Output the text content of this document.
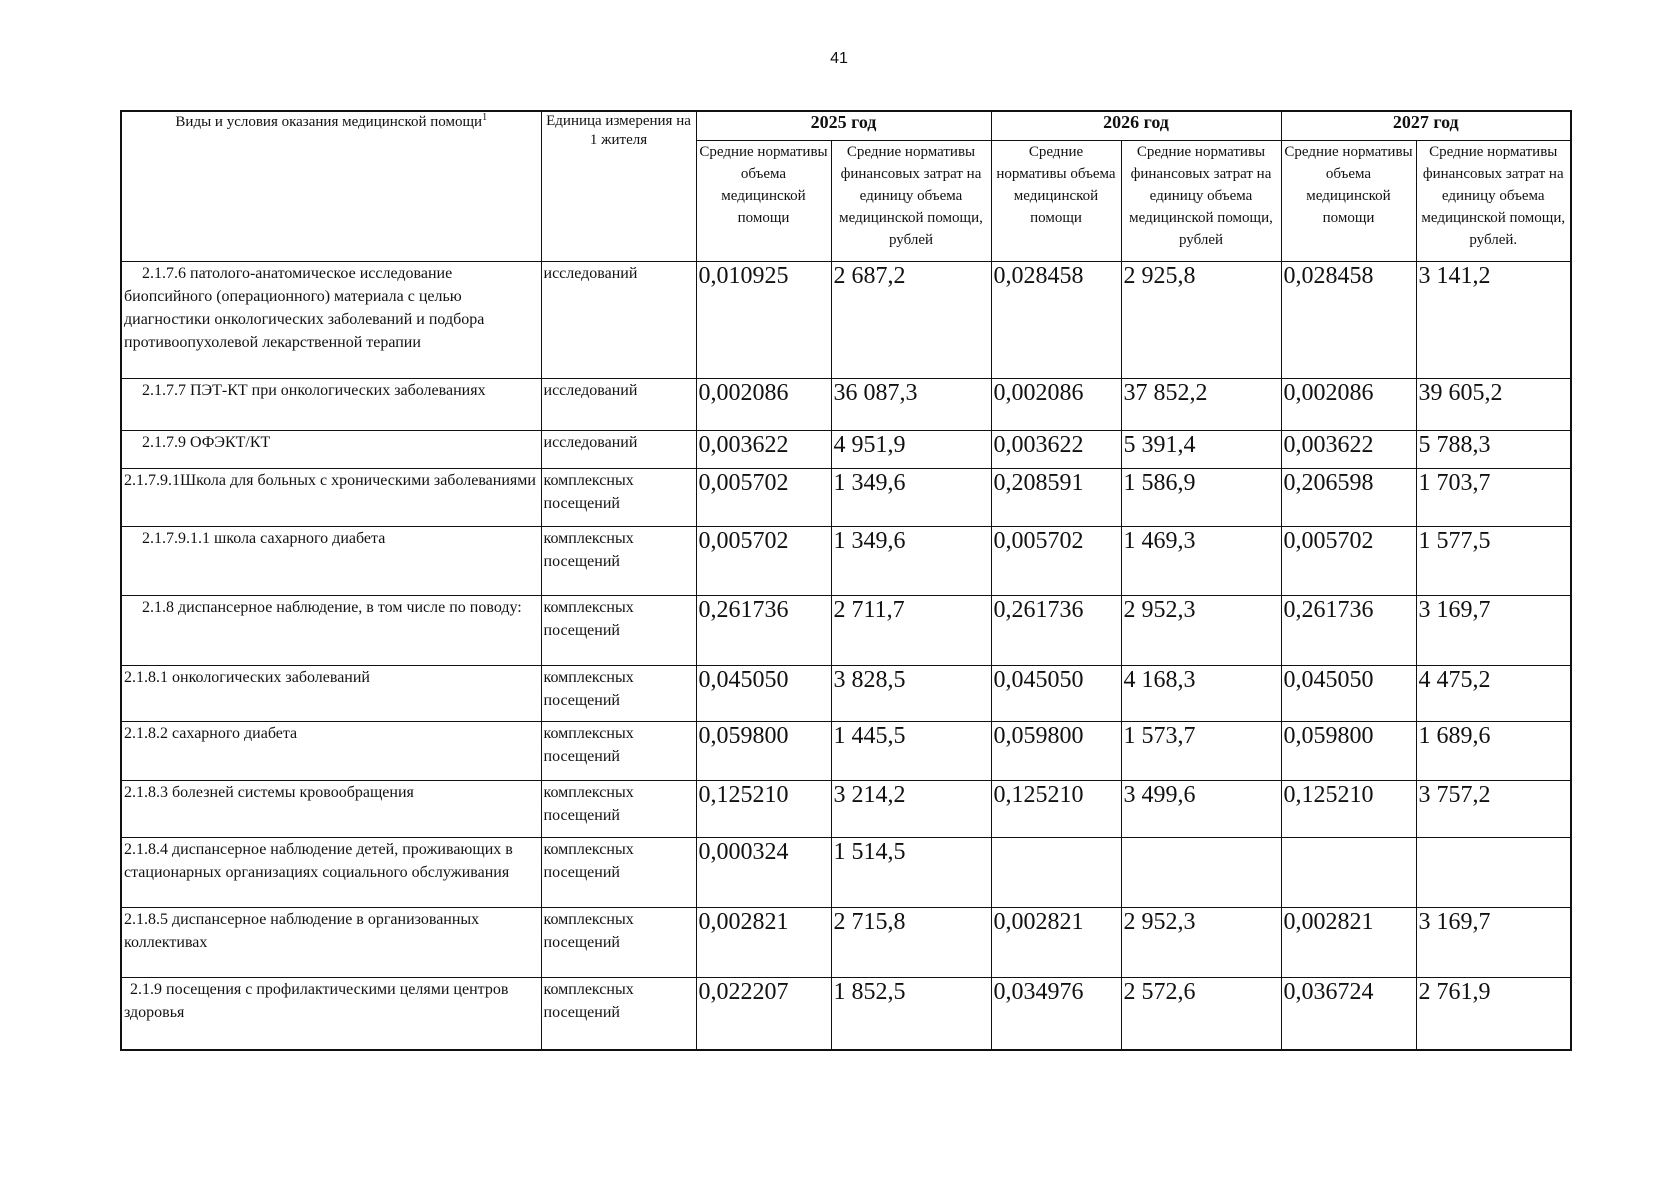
41
Виды и условия оказания медицинской помощи$^1$	Единица измерения на 1 жителя	2025 год		2026 год		2027 год	
		Средние нормативы объема медицинской помощи	Средние нормативы финансовых затрат на единицу объема медицинской помощи, рублей	Средние нормативы объема медицинской помощи	Средние нормативы финансовых затрат на единицу объема медицинской помощи, рублей	Средние нормативы объема медицинской помощи	Средние нормативы финансовых затрат на единицу объема медицинской помощи, рублей.
2.1.7.6 патолого-анатомическое исследование биопсийного (операционного) материала с целью диагностики онкологических заболеваний и подбора противоопухолевой лекарственной терапии	исследований	0,010925	2 687,2	0,028458	2 925,8	0,028458	3 141,2
2.1.7.7 ПЭТ-КТ при онкологических заболеваниях	исследований	0,002086	36 087,3	0,002086	37 852,2	0,002086	39 605,2
2.1.7.9 ОФЭКТ/КТ	исследований	0,003622	4 951,9	0,003622	5 391,4	0,003622	5 788,3
2.1.7.9.1Школа для больных с хроническими заболеваниями	комплексных посещений	0,005702	1 349,6	0,208591	1 586,9	0,206598	1 703,7
2.1.7.9.1.1 школа сахарного диабета	комплексных посещений	0,005702	1 349,6	0,005702	1 469,3	0,005702	1 577,5
2.1.8 диспансерное наблюдение, в том числе по поводу:	комплексных посещений	0,261736	2 711,7	0,261736	2 952,3	0,261736	3 169,7
2.1.8.1 онкологических заболеваний	комплексных посещений	0,045050	3 828,5	0,045050	4 168,3	0,045050	4 475,2
2.1.8.2 сахарного диабета	комплексных посещений	0,059800	1 445,5	0,059800	1 573,7	0,059800	1 689,6
2.1.8.3 болезней системы кровообращения	комплексных посещений	0,125210	3 214,2	0,125210	3 499,6	0,125210	3 757,2
2.1.8.4 диспансерное наблюдение детей, проживающих в стационарных организациях социального обслуживания	комплексных посещений	0,000324	1 514,5				
2.1.8.5 диспансерное наблюдение в организованных коллективах	комплексных посещений	0,002821	2 715,8	0,002821	2 952,3	0,002821	3 169,7
2.1.9 посещения с профилактическими целями центров здоровья	комплексных посещений	0,022207	1 852,5	0,034976	2 572,6	0,036724	2 761,9
